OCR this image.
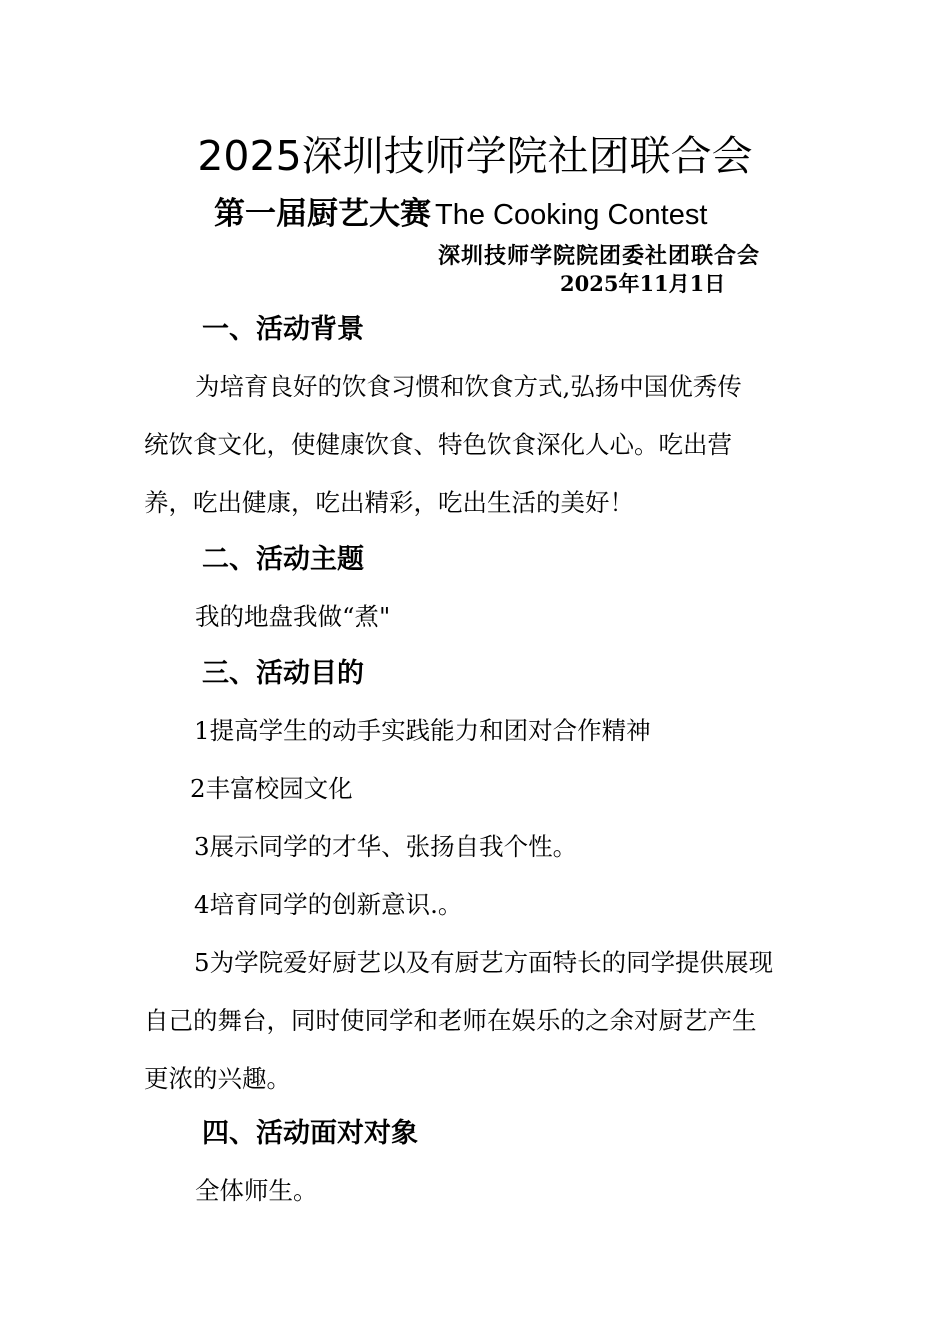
2025深圳技师学院社团联合会
第一届厨艺大赛 The Cooking Contest
深圳技师学院院团委社团联合会
2025年11月1日
一、活动背景
为培育良好的饮食习惯和饮食方式,弘扬中国优秀传
统饮食文化，使健康饮食、特色饮食深化人心。吃出营
养，吃出健康，吃出精彩，吃出生活的美好！
二、活动主题
我的地盘我做“煮"
三、活动目的
1提高学生的动手实践能力和团对合作精神
2丰富校园文化
3展示同学的才华、张扬自我个性。
4培育同学的创新意识.。
5为学院爱好厨艺以及有厨艺方面特长的同学提供展现
自己的舞台，同时使同学和老师在娱乐的之余对厨艺产生
更浓的兴趣。
四、活动面对对象
全体师生。
